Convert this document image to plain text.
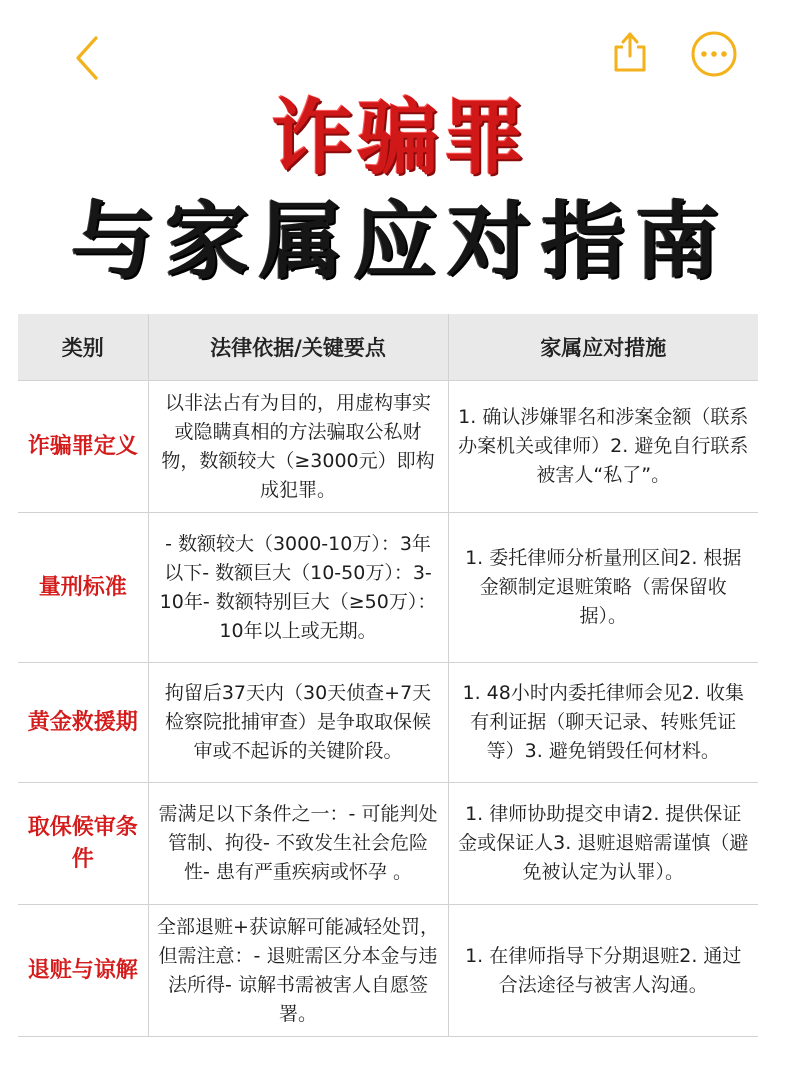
诈骗罪
与家属应对指南
类别	法律依据/关键要点	家属应对措施
诈骗罪定义	以非法占有为目的，用虚构事实或隐瞒真相的方法骗取公私财物，数额较大（≥3000元）即构成犯罪。	1. 确认涉嫌罪名和涉案金额（联系办案机关或律师）2. 避免自行联系被害人“私了”。
量刑标准	- 数额较大（3000-10万）：3年以下- 数额巨大（10-50万）：3-10年- 数额特别巨大（≥50万）：10年以上或无期。	1. 委托律师分析量刑区间2. 根据金额制定退赃策略（需保留收据）。
黄金救援期	拘留后37天内（30天侦查+7天检察院批捕审查）是争取取保候审或不起诉的关键阶段。	1. 48小时内委托律师会见2. 收集有利证据（聊天记录、转账凭证等）3. 避免销毁任何材料。
取保候审条件	需满足以下条件之一：- 可能判处管制、拘役- 不致发生社会危险性- 患有严重疾病或怀孕 。	1. 律师协助提交申请2. 提供保证金或保证人3. 退赃退赔需谨慎（避免被认定为认罪）。
退赃与谅解	全部退赃+获谅解可能减轻处罚，但需注意：- 退赃需区分本金与违法所得- 谅解书需被害人自愿签署。	1. 在律师指导下分期退赃2. 通过合法途径与被害人沟通。
